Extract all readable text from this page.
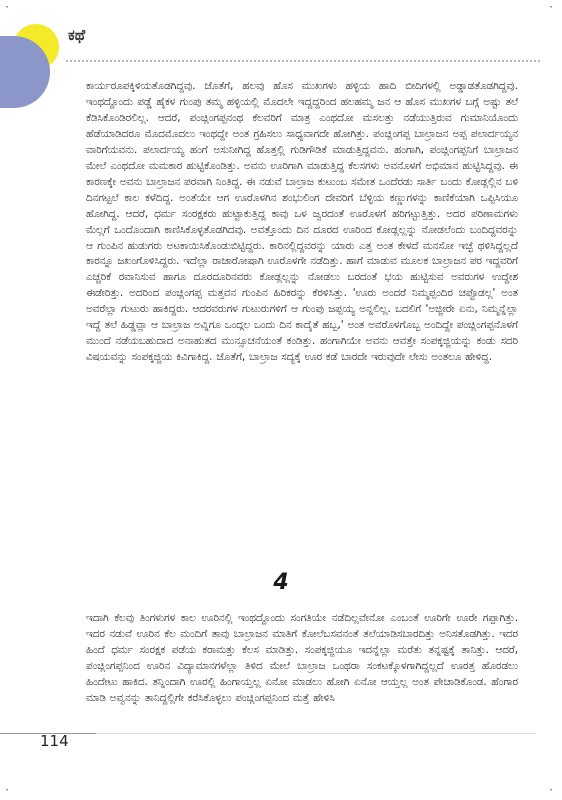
·	·
·	·
ಕಥೆ

ಕಾರ್ಯರೂಪಕ್ಕಿಳಿಯತೊಡಗಿದ್ದವು. ಜೊತೆಗೆ, ಹಲವು ಹೊಸ ಮುಖಗಳು ಹಳ್ಳಿಯ ಹಾದಿ ಬೀದಿಗಳಲ್ಲಿ ಅಡ್ಡಾಡತೊಡಗಿದ್ದವು. ಇಂಥದ್ದೊಂದು ಪಡ್ಡೆ ಹೈಕಳ ಗುಂಪು ತಮ್ಮ ಹಳ್ಳಿಯಲ್ಲಿ ಮೊದಲೇ ಇದ್ದದ್ದರಿಂದ ಹಲಹಮ್ಮ ಜನ ಆ ಹೊಸ ಮುಖಗಳ ಬಗ್ಗೆ ಅಷ್ಟು ತಲೆ ಕೆಡಿಸಿಕೊಂಡಿರಲಿಲ್ಲ. ಆದರೆ, ಪಂಚ್ಲಿಂಗಪ್ಪನಂಥ ಕೆಲವರಿಗೆ ಮಾತ್ರ ಎಂಥದೋ ಮಸಲತ್ತು ನಡೆಯುತ್ತಿರುವ ಗುಮಾನಿಯೊಂದು ಹೆಡೆಯಾಡಿದರೂ ಮೊದಮೊದಲು ಇಂಥದ್ದೇ ಅಂತ ಗ್ರಹಿಸಲು ಸಾಧ್ಯವಾಗದೇ ಹೋಗಿತ್ತು. ಪಂಚ್ಲಿಂಗಪ್ಪ ಬಾಲ್ರಾಜನ ಅಪ್ಪ ಪಲಾರ್ದಯ್ಯನ ವಾರಿಗೆಯವನು. ಪಲಾರ್ದಯ್ಯ ಹಂಗೆ ಅಸುನೀಗಿದ್ದ ಹೊತ್ತಲ್ಲಿ ಗುಡಿಗೌಡಿಕೆ ಮಾಡುತ್ತಿದ್ದವನು. ಹಂಗಾಗಿ, ಪಂಚ್ಲಿಂಗಪ್ಪನಿಗೆ ಬಾಲ್ರಾಜನ ಮೇಲೆ ಎಂಥದೋ ಮಮಕಾರ ಹುಟ್ಟಿಕೊಂಡಿತ್ತು. ಅವನು ಊರಿಗಾಗಿ ಮಾಡುತ್ತಿದ್ದ ಕೆಲಸಗಳು ಅವನೊಳಗೆ ಅಭಿಮಾನ ಹುಟ್ಟಿಸಿದ್ದವು. ಈ ಕಾರಣಕ್ಕೇ ಅವನು ಬಾಲ್ರಾಜನ ಪರವಾಗಿ ನಿಂತಿದ್ದ. ಈ ನಡುವೆ ಬಾಲ್ರಾಜ ಕುಟುಂಬ ಸಮೇತ ಒಂದೆರಡು ಸಾರ್ತಿ ಬಂದು ಕೋಡ್ಲಲ್ಲಿನ ಬಳಿ ದಿನಗಟ್ಟಲೆ ಕಾಲ ಕಳೆದಿದ್ದ. ಅಂತೆಯೇ ಆಗ ಊರೊಳಗಿನ ಶಂಭುಲಿಂಗ ದೇವರಿಗೆ ಬೆಳ್ಳಿಯ ಕಣ್ಣುಗಳನ್ನು ಕಾಣಿಕೆಯಾಗಿ ಒಪ್ಪಿಸಿಯೂ ಹೋಗಿದ್ದ. ಆದರೆ, ಧರ್ಮ ಸಂರಕ್ಷಕರು ಹುಟ್ಟಾಕುತ್ತಿದ್ದ ಕಾವು ಒಳ ಜ್ವರದಂತೆ ಊರೊಳಗೆ ಹರಿಗಟ್ಟುತ್ತಿತ್ತು. ಅದರ ಪರಿಣಾಮಗಳು ಮೆಲ್ಲಗೆ ಒಂದೊಂದಾಗಿ ಕಾಣಿಸಿಕೊಳ್ಳತೊಡಗಿದವು. ಅವತ್ತೊಂದು ದಿನ ದೂರದ ಊರಿಂದ ಕೋಡ್ಲಲ್ಲನ್ನು ನೋಡಲೆಂದು ಬಂದಿದ್ದವರನ್ನು ಆ ಗುಂಪಿನ ಹುಡುಗರು ಅಟಕಾಯಿಸಿಕೊಂಡುಬಿಟ್ಟಿದ್ದರು. ಕಾರಿನಲ್ಲಿದ್ದವರನ್ನು ಯಾರು ಎತ್ತ ಅಂತ ಕೇಳದೆ ಮನಸೋ ಇಚ್ಛೆ ಥಳಿಸಿದ್ದಲ್ಲದೆ ಕಾರನ್ನೂ ಜಖಂಗೊಳಿಸಿದ್ದರು. ಇದೆಲ್ಲಾ ರಾಜಾರೋಷಾಗಿ ಊರೊಳಗೇ ನಡೆದಿತ್ತು. ಹಾಗೆ ಮಾಡುವ ಮೂಲಕ ಬಾಲ್ರಾಜನ ಪರ ಇದ್ದವರಿಗೆ ಎಚ್ಚರಿಕೆ ರವಾನಿಸುವ ಹಾಗೂ ದೂರದೂರಿನವರು ಕೋಡ್ಲಲ್ಲನ್ನು ನೋಡಲು ಬರದಂತೆ ಭಯ ಹುಟ್ಟಿಸುವ ಅವರುಗಳ ಉದ್ದೇಶ ಈಡೇರಿತ್ತು. ಅದರಿಂದ ಪಂಚ್ಲಿಂಗಪ್ಪ ಮತ್ತವನ ಗುಂಪಿನ ಹಿರಿಕರನ್ನು ಕೆರಳಿಸಿತ್ತು. 'ಊರು ಅಂದರೆ ನಿಮ್ಮಪ್ಪಂದಿರ ಚಪ್ಪೊಡಲ್ಲ' ಅಂತ ಅವರೆಲ್ಲಾ ಗುಟುರು ಹಾಕಿದ್ದರು. ಆದರವರುಗಳ ಗುಟುರುಗಳಿಗೆ ಆ ಗುಂಪು ಜಪ್ಪಯ್ಯ ಅನ್ನಲಿಲ್ಲ. ಬದಲಿಗೆ 'ಅಜ್ಜೀರೇ ಏನು, ನಿಮ್ಮನ್ನೆಲ್ಲಾ ಇದ್ದೆ ತಲೆ ಹಿಡ್ಡವ್ಲಾ ಆ ಬಾಲ್ರಾಜ ಅವ್ನಿಗೂ ಒಂದ್ಗಲ ಒಂದು ದಿನ ಕಾದೈತೆ ಹಬ್ಬ,' ಅಂತ ಅವರೊಳಗೊಬ್ಬ ಅಂದಿದ್ದೇ ಪಂಚ್ಲಿಂಗಪ್ಪನೊಳಗೆ ಮುಂದೆ ನಡೆಯಬಹುದಾದ ಅನಾಹುತದ ಮುನ್ಸೂಚನೆಯಂತೆ ಕಂಡಿತ್ತು. ಹಂಗಾಗಿಯೇ ಅವನು ಆವತ್ತೇ ಸಂಪಕ್ಕಜ್ಜಿಯನ್ನು ಕಂಡು ಸದರಿ ವಿಷಯವನ್ನು ಸಂಪಕ್ಕಜ್ಜಿಯ ಕಿವಿಗಾಕಿದ್ದ. ಜೊತೆಗೆ, ಬಾಲ್ರಾಜ ಸದ್ಯಕ್ಕೆ ಊರ ಕಡೆ ಬಾರದೇ ಇರುವುದೇ ಲೇಸು ಅಂತಲೂ ಹೇಳಿದ್ದ.

4

ಇದಾಗಿ ಕೆಲವು ತಿಂಗಳುಗಳ ಕಾಲ ಊರಿನಲ್ಲಿ ಇಂಥದ್ದೊಂದು ಸಂಗತಿಯೇ ನಡೆದಿಲ್ಲವೇನೋ ಎಂಬಂತೆ ಊರಿಗೇ ಊರೇ ಗಪ್ಪಾಗಿತ್ತು. ಇದರ ನಡುವೆ ಊರಿನ ಕೆಲ ಮಂದಿಗೆ ತಾವು ಬಾಲ್ರಾಜನ ಮಾತಿಗೆ ಕೋಲೆಬಸವನಂತೆ ತಲೆಯಾಡಿಸಬಾರದಿತ್ತು ಅನಿಸತೊಡಗಿತ್ತು. ಇದರ ಹಿಂದೆ ಧರ್ಮ ಸಂರಕ್ಷಕ ಪಡೆಯ ಕರಾಮತ್ತು ಕೆಲಸ ಮಾಡಿತ್ತು. ಸಂಪಕ್ಕಜ್ಜಿಯೂ ಇದನ್ನೆಲ್ಲಾ ಮರೆತು ತನ್ನಷ್ಟಕ್ಕೆ ತಾನಿತ್ತು. ಆದರೆ, ಪಂಚ್ಲಿಂಗಪ್ಪನಿಂದ ಊರಿನ ವಿದ್ಯಾಮಾನಗಳೆಲ್ಲಾ ತಿಳಿದ ಮೇಲೆ ಬಾಲ್ರಾಜ ಒಂಥರಾ ಸಂಕಟಕ್ಕೊಳಗಾಗಿದ್ದಲ್ಲದೆ ಊರತ್ತ ಹೊರಡಲು ಹಿಂದೇಟು ಹಾಕಿದ. ತನ್ನಿಂದಾಗಿ ಊರಲ್ಲಿ ಹಿಂಗಾಯ್ತಲ್ಲ ಏನೋ ಮಾಡಲು ಹೋಗಿ ಏನೋ ಆಯ್ತಲ್ಲ ಅಂತ ಪೇಚಾಡಿಕೊಂಡ. ಹೆಂಗಾರ ಮಾಡಿ ಅವ್ವನನ್ನು ತಾನಿದ್ದಲ್ಲಿಗೇ ಕರೆಸಿಕೊಳ್ಳಲು ಪಂಚ್ಲಿಂಗಪ್ಪನಿಂದ ಮತ್ತೆ ಹೇಳಿಸಿ

114
